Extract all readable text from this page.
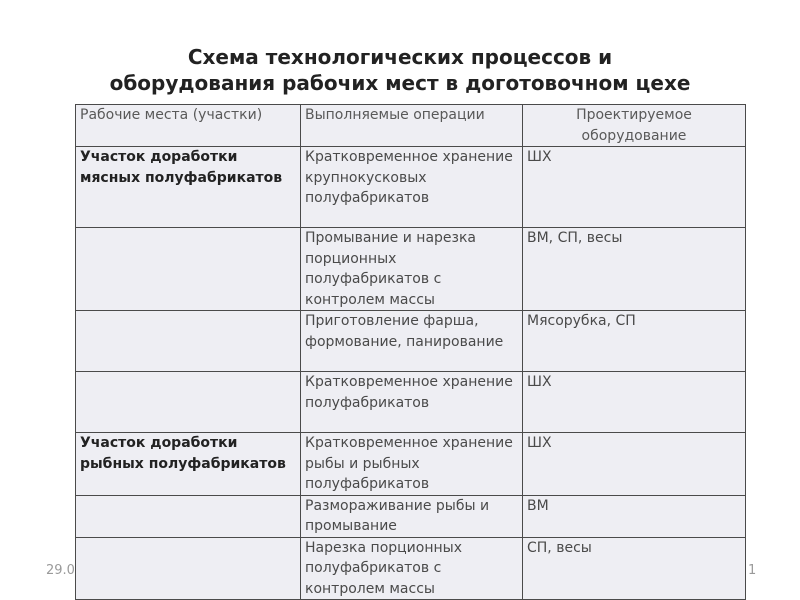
Схема технологических процессов и
оборудования рабочих мест в доготовочном цехе
Рабочие места (участки)	Выполняемые операции	Проектируемое оборудование
Участок доработки мясных полуфабрикатов	Кратковременное хранение крупнокусковых полуфабрикатов	ШХ
	Промывание и нарезка порционных полуфабрикатов с контролем массы	ВМ, СП, весы
	Приготовление фарша, формование, панирование	Мясорубка, СП
	Кратковременное хранение полуфабрикатов	ШХ
Участок доработки рыбных полуфабрикатов	Кратковременное хранение рыбы и рыбных полуфабрикатов	ШХ
	Размораживание рыбы и промывание	ВМ
	Нарезка порционных полуфабрикатов с контролем массы	СП, весы
29.0	1
